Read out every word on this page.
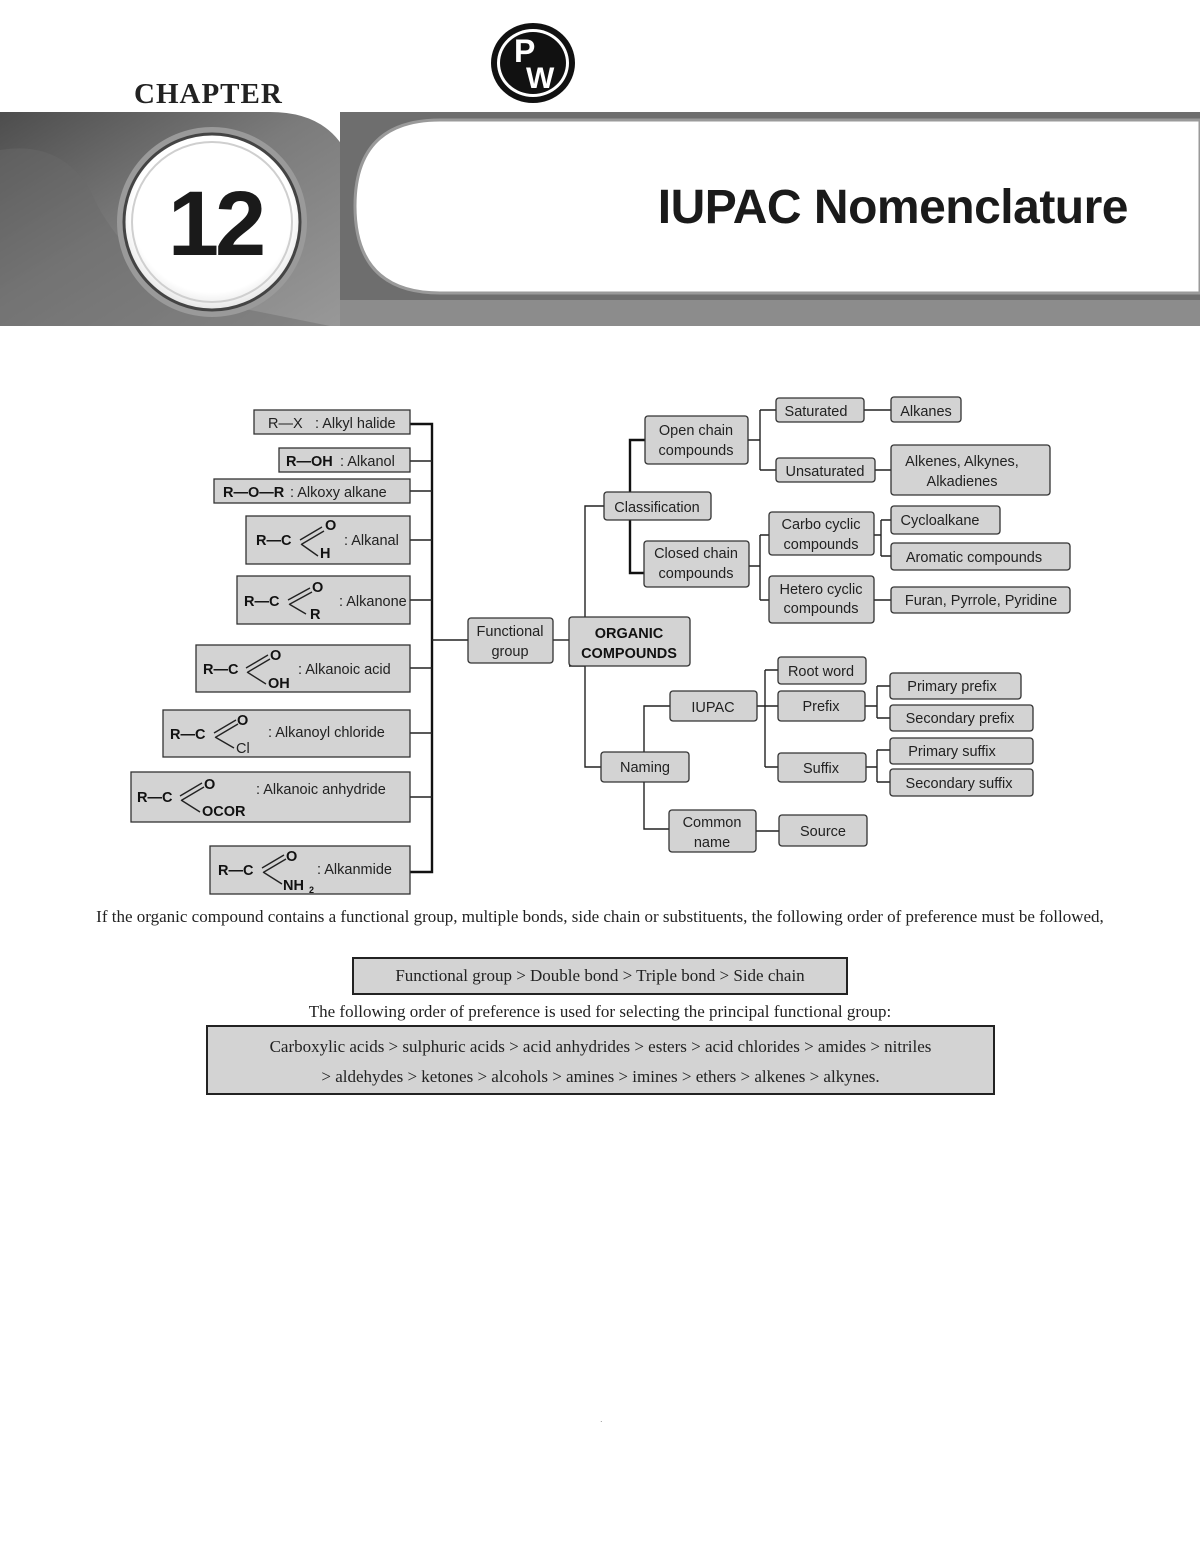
P
W
CHAPTER
12	IUPAC Nomenclature
R—X : Alkyl halide
R—OH : Alkanol
R—O—R : Alkoxy alkane
R—C
O
H
: Alkanal
R—C
O
R
: Alkanone
R—C
O
OH
: Alkanoic acid
R—C
O
Cl
: Alkanoyl chloride
R—C
O
OCOR
: Alkanoic anhydride
R—C
O
NH 2
: Alkanmide
Functional
group
ORGANIC
COMPOUNDS
Classification
Open chain
compounds
Closed chain
compounds
Saturated
Unsaturated
Alkanes
Alkenes, Alkynes,
Alkadienes
Carbo cyclic
compounds
Hetero cyclic
compounds
Cycloalkane
Aromatic compounds
Furan, Pyrrole, Pyridine
Naming
IUPAC
Common
name
Root word
Prefix
Suffix
Source
Primary prefix
Secondary prefix
Primary suffix
Secondary suffix
If the organic compound contains a functional group, multiple bonds, side chain or substituents, the following order of preference must be followed,
Functional group > Double bond > Triple bond > Side chain
The following order of preference is used for selecting the principal functional group:
Carboxylic acids > sulphuric acids > acid anhydrides > esters > acid chlorides > amides > nitriles
> aldehydes > ketones > alcohols > amines > imines > ethers > alkenes > alkynes.
.
